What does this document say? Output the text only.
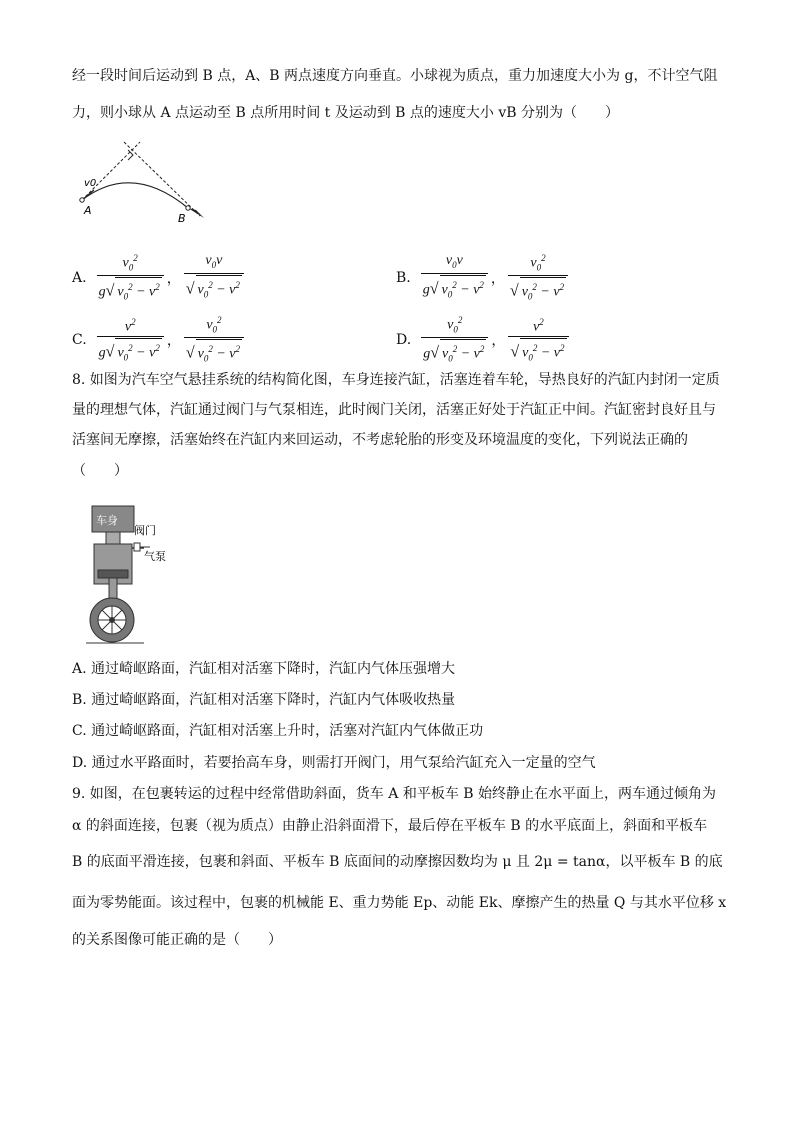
经一段时间后运动到 B 点，A、B 两点速度方向垂直。小球视为质点，重力加速度大小为 g，不计空气阻
力，则小球从 A 点运动至 B 点所用时间 t 及运动到 B 点的速度大小 vB 分别为（　　）
v0
A
B
A. $\frac{v_0^2}{g√ v_0^2 - v^2}$ ， $\frac{v_0v}{√ v_0^2 - v^2}$	B. $\frac{v_0v}{g√ v_0^2 - v^2}$ ， $\frac{v_0^2}{√ v_0^2 - v^2}$
C. $\frac{v^2}{g√ v_0^2 - v^2}$ ， $\frac{v_0^2}{√ v_0^2 - v^2}$	D. $\frac{v_0^2}{g√ v_0^2 - v^2}$ ， $\frac{v^2}{√ v_0^2 - v^2}$
8. 如图为汽车空气悬挂系统的结构简化图，车身连接汽缸，活塞连着车轮，导热良好的汽缸内封闭一定质
量的理想气体，汽缸通过阀门与气泵相连，此时阀门关闭，活塞正好处于汽缸正中间。汽缸密封良好且与
活塞间无摩擦，活塞始终在汽缸内来回运动，不考虑轮胎的形变及环境温度的变化，下列说法正确的
（　　）
车身
阀门
气泵
A. 通过崎岖路面，汽缸相对活塞下降时，汽缸内气体压强增大
B. 通过崎岖路面，汽缸相对活塞下降时，汽缸内气体吸收热量
C. 通过崎岖路面，汽缸相对活塞上升时，活塞对汽缸内气体做正功
D. 通过水平路面时，若要抬高车身，则需打开阀门，用气泵给汽缸充入一定量的空气
9. 如图，在包裹转运的过程中经常借助斜面，货车 A 和平板车 B 始终静止在水平面上，两车通过倾角为
α 的斜面连接，包裹（视为质点）由静止沿斜面滑下，最后停在平板车 B 的水平底面上，斜面和平板车
B 的底面平滑连接，包裹和斜面、平板车 B 底面间的动摩擦因数均为 μ 且 2μ = tanα，以平板车 B 的底
面为零势能面。该过程中，包裹的机械能 E、重力势能 Ep、动能 Ek、摩擦产生的热量 Q 与其水平位移 x
的关系图像可能正确的是（　　）
